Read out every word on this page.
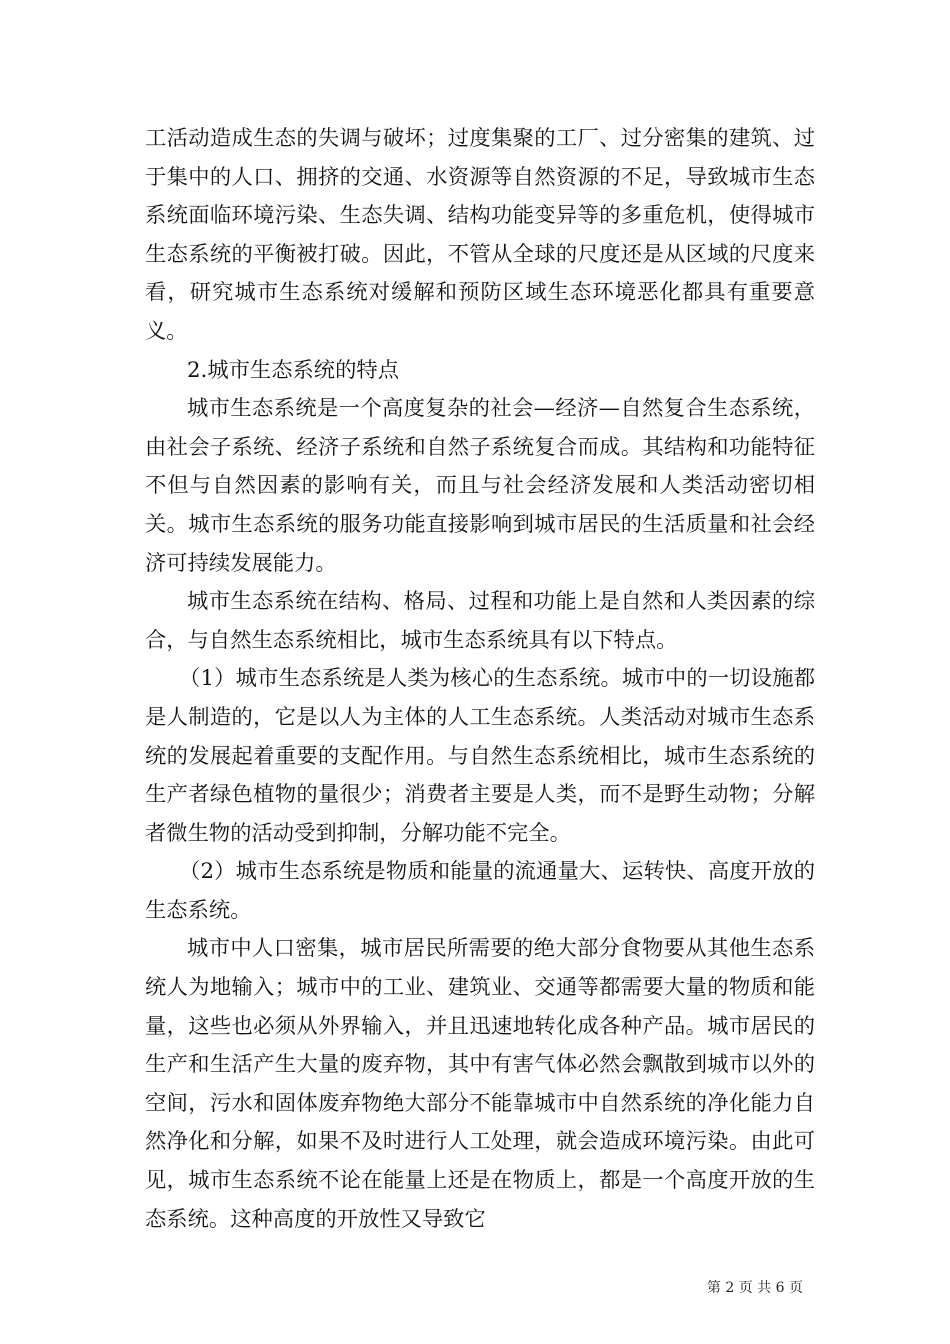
工活动造成生态的失调与破坏；过度集聚的工厂、过分密集的建筑、过于集中的人口、拥挤的交通、水资源等自然资源的不足，导致城市生态系统面临环境污染、生态失调、结构功能变异等的多重危机，使得城市生态系统的平衡被打破。因此，不管从全球的尺度还是从区域的尺度来看，研究城市生态系统对缓解和预防区域生态环境恶化都具有重要意义。

2.城市生态系统的特点

城市生态系统是一个高度复杂的社会—经济—自然复合生态系统，由社会子系统、经济子系统和自然子系统复合而成。其结构和功能特征不但与自然因素的影响有关，而且与社会经济发展和人类活动密切相关。城市生态系统的服务功能直接影响到城市居民的生活质量和社会经济可持续发展能力。

城市生态系统在结构、格局、过程和功能上是自然和人类因素的综合，与自然生态系统相比，城市生态系统具有以下特点。

（1）城市生态系统是人类为核心的生态系统。城市中的一切设施都是人制造的，它是以人为主体的人工生态系统。人类活动对城市生态系统的发展起着重要的支配作用。与自然生态系统相比，城市生态系统的生产者绿色植物的量很少；消费者主要是人类，而不是野生动物；分解者微生物的活动受到抑制，分解功能不完全。

（2）城市生态系统是物质和能量的流通量大、运转快、高度开放的生态系统。

城市中人口密集，城市居民所需要的绝大部分食物要从其他生态系统人为地输入；城市中的工业、建筑业、交通等都需要大量的物质和能量，这些也必须从外界输入，并且迅速地转化成各种产品。城市居民的生产和生活产生大量的废弃物，其中有害气体必然会飘散到城市以外的空间，污水和固体废弃物绝大部分不能靠城市中自然系统的净化能力自然净化和分解，如果不及时进行人工处理，就会造成环境污染。由此可见，城市生态系统不论在能量上还是在物质上，都是一个高度开放的生态系统。这种高度的开放性又导致它

第 2 页 共 6 页
